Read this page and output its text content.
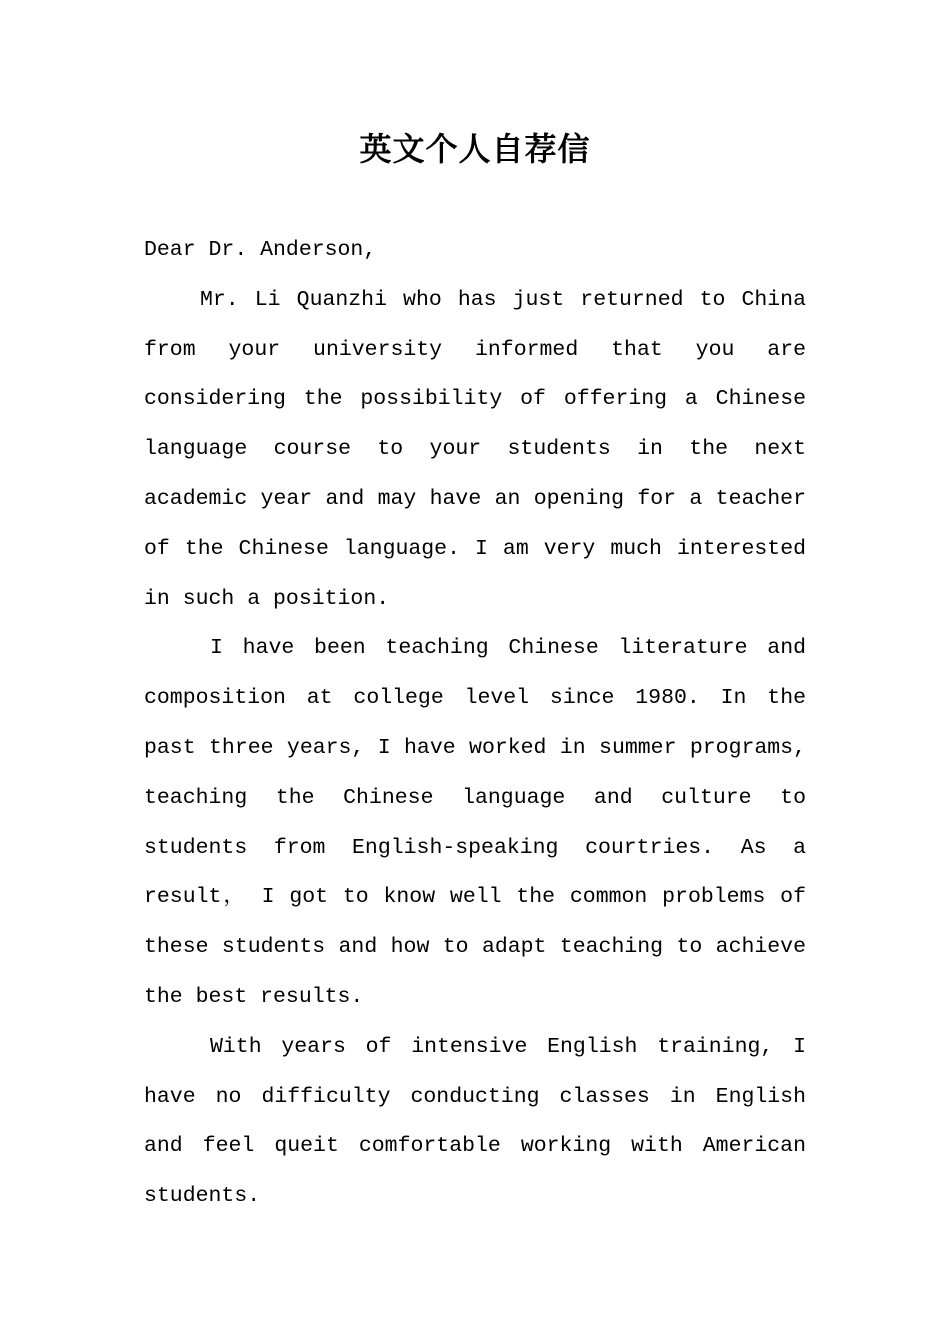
英文个人自荐信

Dear Dr. Anderson,

Mr. Li Quanzhi who has just returned to China from your university informed that you are considering the possibility of offering a Chinese language course to your students in the next academic year and may have an opening for a teacher of the Chinese language. I am very much interested in such a position.

I have been teaching Chinese literature and composition at college level since 1980. In the past three years, I have worked in summer programs, teaching the Chinese language and culture to students from English-speaking courtries. As a result， I got to know well the common problems of these students and how to adapt teaching to achieve the best results.

With years of intensive English training, I have no difficulty conducting classes in English and feel queit comfortable working with American students.
